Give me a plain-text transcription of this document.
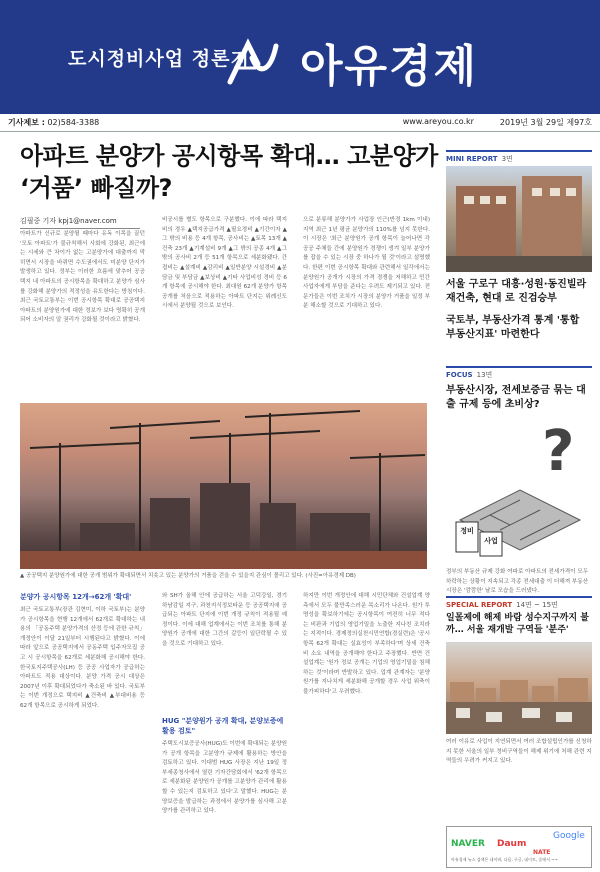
도시정비사업 정론지 아유경제
기사제보 : 02)584-3388	www.areyou.co.kr	2019년 3월 29일 제97호
아파트 분양가 공시항목 확대… 고분양가
‘거품’ 빠질까?
김필중 기자 kpj1@naver.com
아파트가 신규로 분양될 때마다 유독 이목을 끌던 '모토 아파트'가 불규칙해서 사회에 강화된, 최근에는 시세와 큰 차이가 없는 고분양가에 대출까지 막히면서 시장을 바뀌면 수도권에서도 미분양 단지가 발생하고 있다. 정부는 이러한 흐름에 맞추어 공공택지 내 아파트의 공시항목을 확대하고 분양가 심사를 강화해 분양가의 적정성을 유도한다는 방침이다. 최근 국토교통부는 이번 공시항목 확대로 공공택지 아파트의 분양원가에 대한 정보가 보다 명확히 공개되어 소비자의 알 권리가 강화될 것이라고 밝혔다.
비공시를 별도 항목으로 구분했다. 이에 따라 택지비의 경우 ▲택지공급가격 ▲필요경비 ▲기간이자 ▲그 밖의 비용 등 4개 항목, 공사비는 ▲토목 13개 ▲건축 23개 ▲기계설비 9개 ▲그 밖의 공종 4개 ▲그 밖의 공사비 2개 등 51개 항목으로 세분화됐다. 간접비는 ▲설계비 ▲감리비 ▲일반분양 시설경비 ▲분담금 및 부담금 ▲보상비 ▲기타 사업비성 경비 등 6개 항목에 공시해야 한다. 최대원 62개 분양가 항목 공개를 처음으로 적용하는 아파트 단지는 위례신도시에서 분양될 것으로 보인다.
으로 분류해 분양가가 사업장 인근(반경 1km 이내) 지역 최근 1년 평균 분양가의 110%를 넘지 못한다. 이 시장은 '최근 분양원가 공개 항목이 늘어나면 각 공공 주체들 간에 분양원가 경쟁이 생겨 일부 분양가를 잡을 수 있는 시장 중 하나가 될 것'이라고 설명했다. 한편 이번 공시항목 확대와 관련해서 일각에서는 분양원가 공개가 시장의 가격 경쟁을 저해하고 민간 사업자에게 부담을 준다는 우려도 제기되고 있다. 전문가들은 이번 조치가 시장의 분양가 거품을 일정 부분 해소할 것으로 기대하고 있다.
▲ 공공택지 분양원가에 대한 공개 범위가 확대되면서 치솟고 있는 분양가의 거품을 걷을 수 있을지 관심이 몰리고 있다. (사진=아유경제 DB)
분양가 공시항목 12개→62개 '확대'
최근 국토교통부(장관 김현미, 이하 국토부)는 분양가 공시항목을 현행 12개에서 62개로 확대하는 내용의 「공동주택 분양가격의 산정 등에 관한 규칙」 개정안이 이달 21일부터 시행된다고 밝혔다. 이에 따라 앞으로 공공택지에서 공동주택 입주자모집 공고 시 공시항목을 62개로 세분화해 공시해야 한다. 한국토지주택공사(LH) 등 공공 사업자가 공급하는 아파트도 적용 대상이다. 분양 가격 공시 대상은 2007년 이후 확대되었다가 축소된 바 있다. 국토부는 이번 개정으로 택지비 ▲건축비 ▲부대비용 등 62개 항목으로 공시하게 되었다.
와 SH가 올해 안에 공급하는 서울 고덕강일, 경기 하남감일 지구, 과천지식정보타운 등 공공택지에 공급되는 아파트 단지에 이번 개정 규칙이 적용될 예정이다. 이에 대해 업계에서는 이번 조치를 통해 분양원가 공개에 대한 그간의 갈등이 일단락될 수 있을 것으로 기대하고 있다.
HUG "분양원가 공개 확대, 분양보증에 활용 검토"
주택도시보증공사(HUG)도 이번에 확대되는 분양원가 공개 항목을 고분양가 규제에 활용하는 방안을 검토하고 있다. 이대범 HUG 사장은 지난 19일 정부세종청사에서 열린 기자간담회에서 '62개 항목으로 세분화된 분양원가 공개를 고분양가 관리에 활용할 수 있는지 검토하고 있다'고 말했다. HUG는 분양보증을 발급하는 과정에서 분양가를 심사해 고분양가를 관리하고 있다.
하지만 이번 개정안에 대해 시민단체와 건설업계 양측에서 모두 불만족스러운 목소리가 나온다. 원가 투명성을 확보하기에는 공시항목이 여전히 너무 적다는 비판과 기업의 영업기밀을 노출한 지나친 조치라는 지적이다. 경제정의실천시민연합(경실련)은 '공시항목 62개 확대는 실효성이 부족하다'며 상세 건축비 소요 내역을 공개해야 한다고 주장했다. 반면 건설업계는 '원가 정보 공개는 기업의 영업기밀을 침해하는 것'이라며 반발하고 있다. 업계 관계자는 '분양원가를 지나치게 세분화해 공개할 경우 사업 위축이 불가피하다'고 우려했다.
MINI REPORT 3면
서울 구로구 대흥·성원·동진빌라 재건축, 현대 로 진검승부
국토부, 부동산가격 통계 '통합 부동산지표' 마련한다
FOCUS 13면
부동산시장, 전세보증금 묶는 대출 규제 등에 초비상?
?
정비
사업
정부의 부동산 규제 강화 여파로 아파트의 전세가격이 모두 하락하는 상황이 지속되고 각종 전세대출 이 더해져 부동산시장은 '깜깜한' 날로 모습을 드러냈다.
SPECIAL REPORT 14면 ~ 15면
일몰제에 해제 바람 성수지구까지 불까… 서울 재개발 구역들 '분주'
여러 이유로 사업이 지연되면서 여러 조합설립인가를 신청하지 못한 서울의 일부 정비구역들이 해제 위기에 처해 관련 지역들의 우려가 커지고 있다.
NAVER Daum
NATE
Google
아유경제 뉴스 검색은 네이버, 다음, 구글, 네이트, 줌에서 ~~
